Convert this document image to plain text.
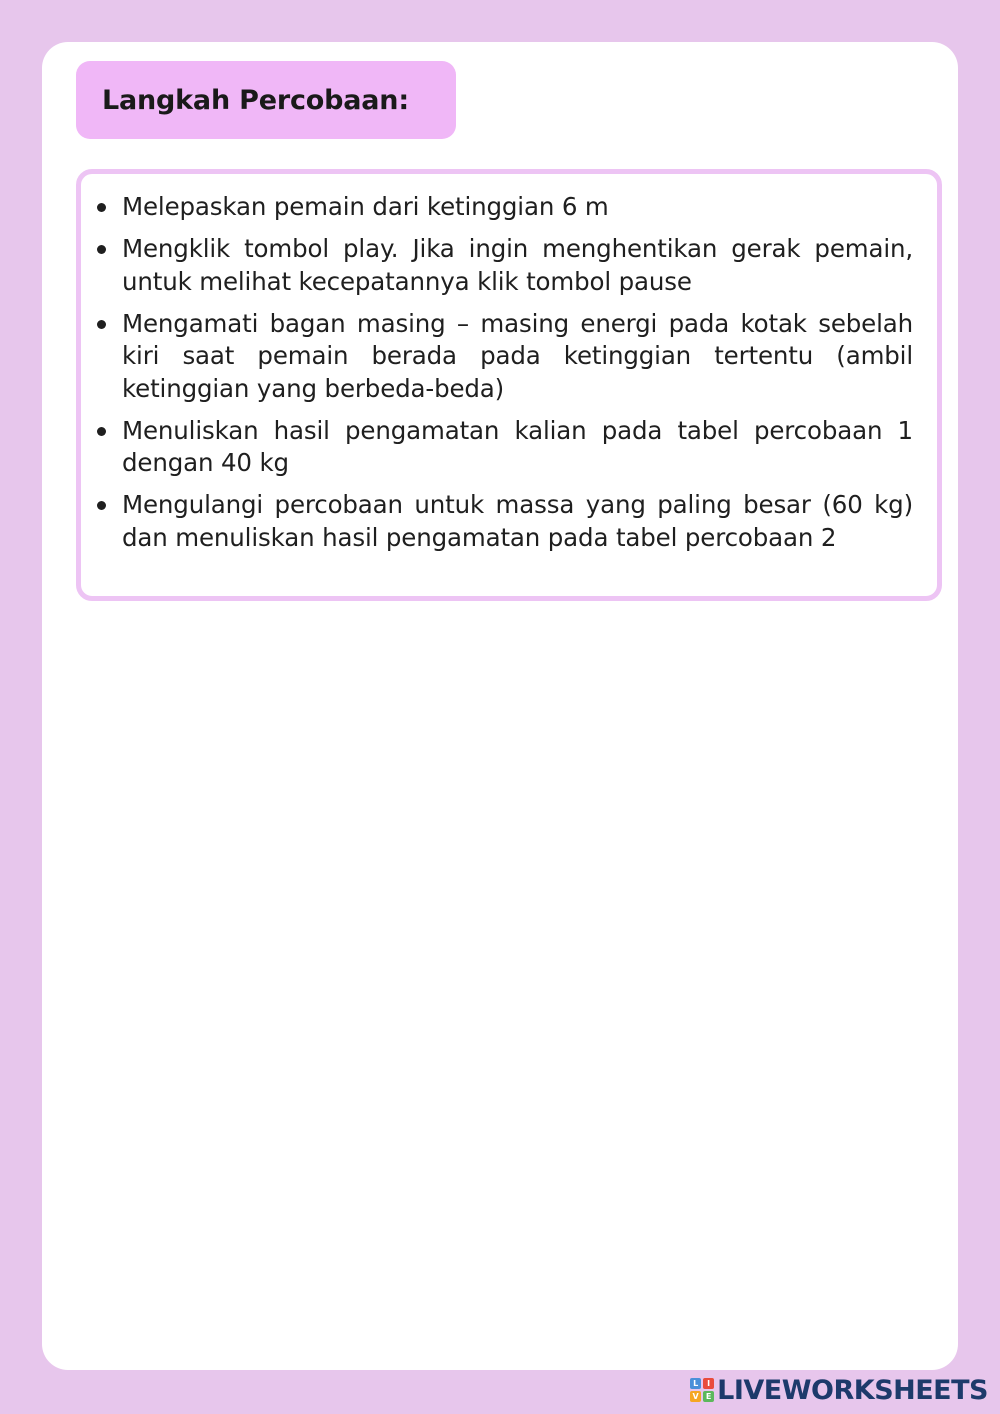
Langkah Percobaan:
Melepaskan pemain dari ketinggian 6 m
Mengklik tombol play. Jika ingin menghentikan gerak pemain, untuk melihat kecepatannya klik tombol pause
Mengamati bagan masing – masing energi pada kotak sebelah kiri saat pemain berada pada ketinggian tertentu (ambil ketinggian yang berbeda-beda)
Menuliskan hasil pengamatan kalian pada tabel percobaan 1 dengan 40 kg
Mengulangi percobaan untuk massa yang paling besar (60 kg) dan menuliskan hasil pengamatan pada tabel percobaan 2
L	I
V E LIVEWORKSHEETS
